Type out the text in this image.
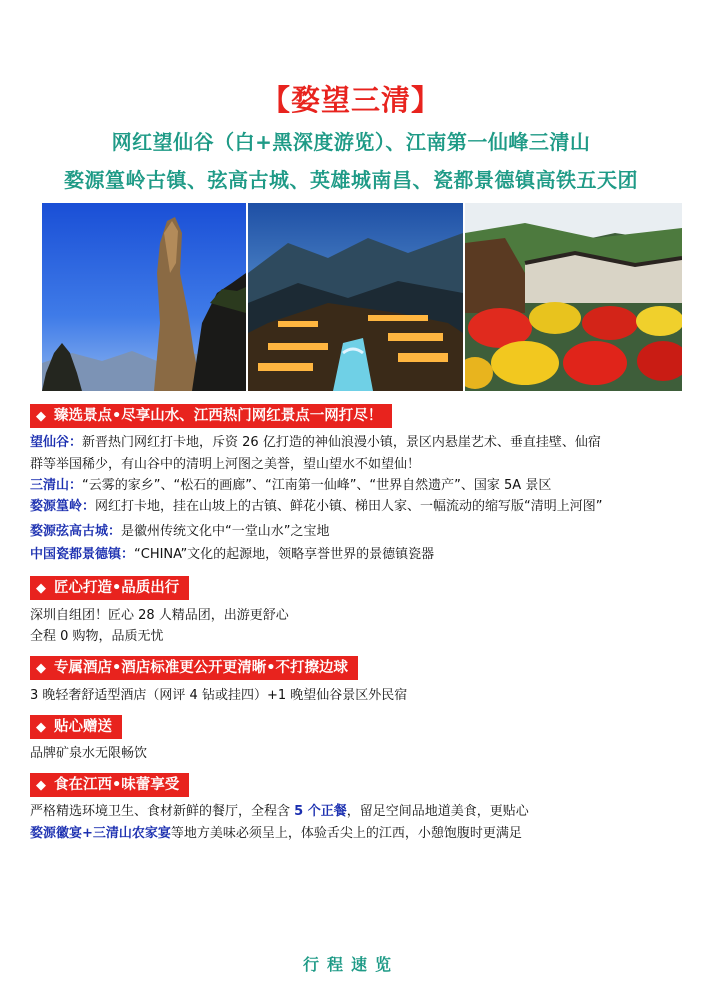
【婺望三清】
网红望仙谷（白+黑深度游览）、江南第一仙峰三清山
婺源篁岭古镇、弦高古城、英雄城南昌、瓷都景德镇高铁五天团
◆ 臻选景点•尽享山水、江西热门网红景点一网打尽！
望仙谷：新晋热门网红打卡地，斥资 26 亿打造的神仙浪漫小镇，景区内悬崖艺术、垂直挂壁、仙宿
群等举国稀少，有山谷中的清明上河图之美誉，望山望水不如望仙！
三清山：“云雾的家乡”、“松石的画廊”、“江南第一仙峰”、“世界自然遗产”、国家 5A 景区
婺源篁岭：网红打卡地，挂在山坡上的古镇、鲜花小镇、梯田人家、一幅流动的缩写版“清明上河图”
婺源弦高古城：是徽州传统文化中“一堂山水”之宝地
中国瓷都景德镇：“CHINA”文化的起源地，领略享誉世界的景德镇瓷器
◆ 匠心打造•品质出行
深圳自组团！匠心 28 人精品团，出游更舒心
全程 0 购物，品质无忧
◆ 专属酒店•酒店标准更公开更清晰•不打擦边球
3 晚轻奢舒适型酒店（网评 4 钻或挂四）+1 晚望仙谷景区外民宿
◆ 贴心赠送
品牌矿泉水无限畅饮
◆ 食在江西•味蕾享受
严格精选环境卫生、食材新鲜的餐厅，全程含 5 个正餐，留足空间品地道美食，更贴心
婺源徽宴+三清山农家宴等地方美味必须呈上，体验舌尖上的江西，小憩饱腹时更满足
行程速览
